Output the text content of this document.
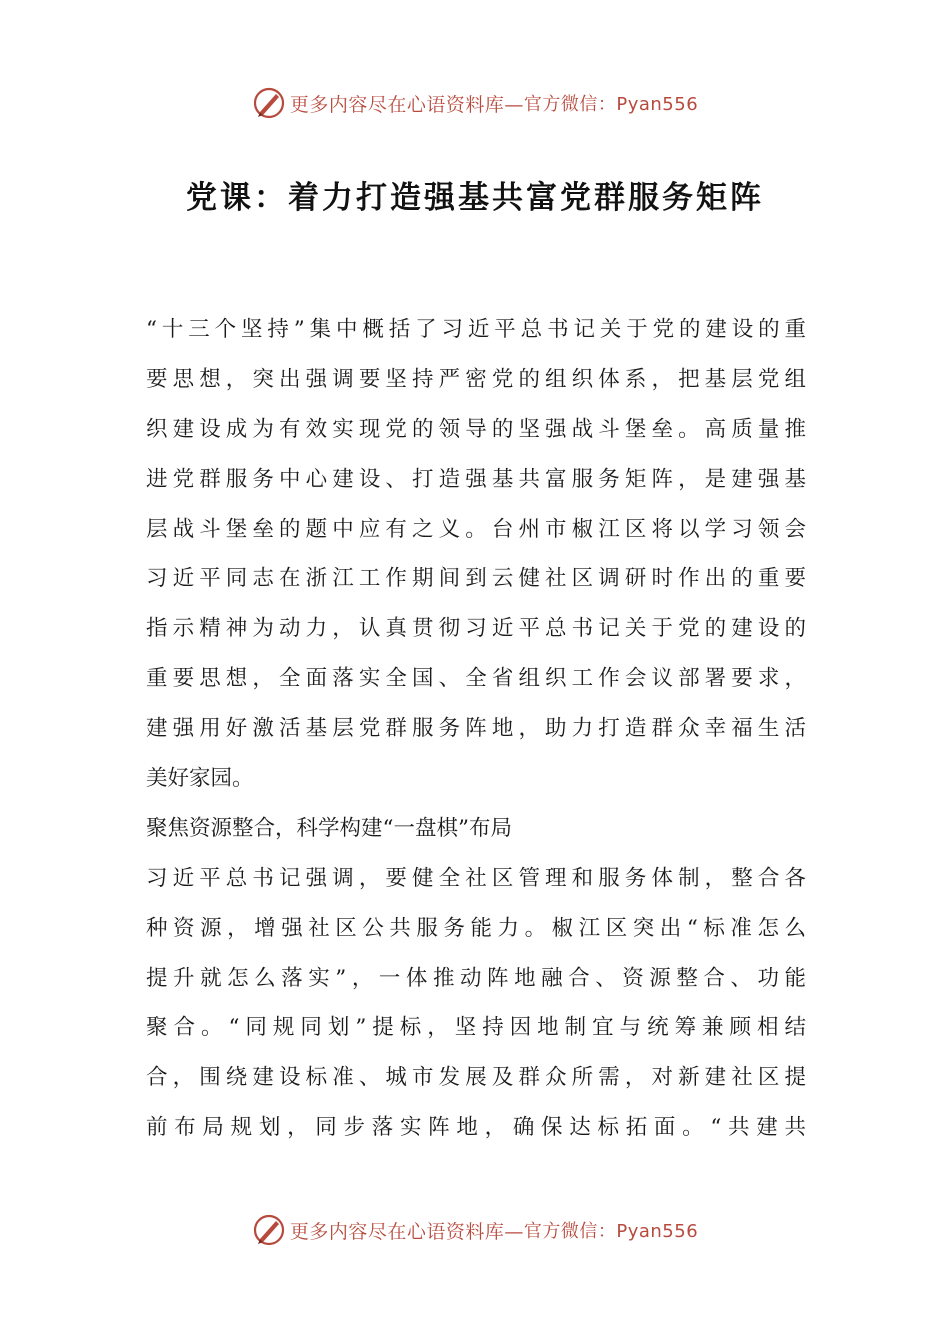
更多内容尽在心语资料库— 官方微信：Pyan556
党课：着力打造强基共富党群服务矩阵
“十三个坚持”集中概括了习近平总书记关于党的建设的重
要思想，突出强调要坚持严密党的组织体系，把基层党组
织建设成为有效实现党的领导的坚强战斗堡垒。高质量推
进党群服务中心建设、打造强基共富服务矩阵，是建强基
层战斗堡垒的题中应有之义。台州市椒江区将以学习领会
习近平同志在浙江工作期间到云健社区调研时作出的重要
指示精神为动力，认真贯彻习近平总书记关于党的建设的
重要思想，全面落实全国、全省组织工作会议部署要求，
建强用好激活基层党群服务阵地，助力打造群众幸福生活
美好家园。
聚焦资源整合，科学构建“一盘棋”布局
习近平总书记强调，要健全社区管理和服务体制，整合各
种资源，增强社区公共服务能力。椒江区突出“标准怎么
提升就怎么落实”，一体推动阵地融合、资源整合、功能
聚合。“同规同划”提标，坚持因地制宜与统筹兼顾相结
合，围绕建设标准、城市发展及群众所需，对新建社区提
前布局规划，同步落实阵地，确保达标拓面。“共建共
更多内容尽在心语资料库— 官方微信：Pyan556
